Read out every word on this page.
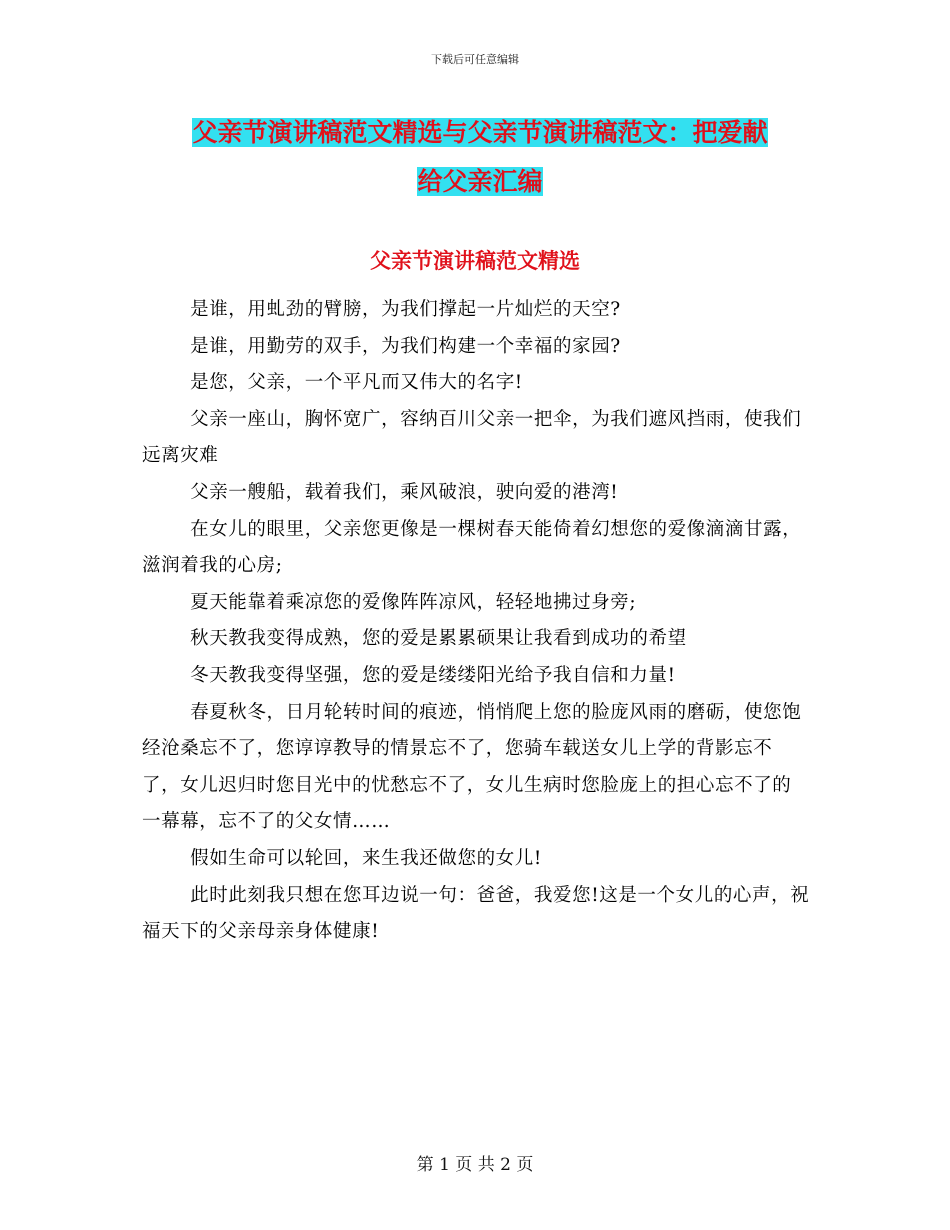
下载后可任意编辑
父亲节演讲稿范文精选与父亲节演讲稿范文：把爱献
给父亲汇编
父亲节演讲稿范文精选

是谁，用虬劲的臂膀，为我们撑起一片灿烂的天空?

是谁，用勤劳的双手，为我们构建一个幸福的家园?

是您，父亲，一个平凡而又伟大的名字!

父亲一座山，胸怀宽广，容纳百川父亲一把伞，为我们遮风挡雨，使我们远离灾难

父亲一艘船，载着我们，乘风破浪，驶向爱的港湾!

在女儿的眼里，父亲您更像是一棵树春天能倚着幻想您的爱像滴滴甘露，滋润着我的心房;

夏天能靠着乘凉您的爱像阵阵凉风，轻轻地拂过身旁;

秋天教我变得成熟，您的爱是累累硕果让我看到成功的希望

冬天教我变得坚强，您的爱是缕缕阳光给予我自信和力量!

春夏秋冬，日月轮转时间的痕迹，悄悄爬上您的脸庞风雨的磨砺，使您饱经沧桑忘不了，您谆谆教导的情景忘不了，您骑车载送女儿上学的背影忘不了，女儿迟归时您目光中的忧愁忘不了，女儿生病时您脸庞上的担心忘不了的一幕幕，忘不了的父女情……

假如生命可以轮回，来生我还做您的女儿!

此时此刻我只想在您耳边说一句：爸爸，我爱您!这是一个女儿的心声，祝福天下的父亲母亲身体健康!

第 1 页 共 2 页
